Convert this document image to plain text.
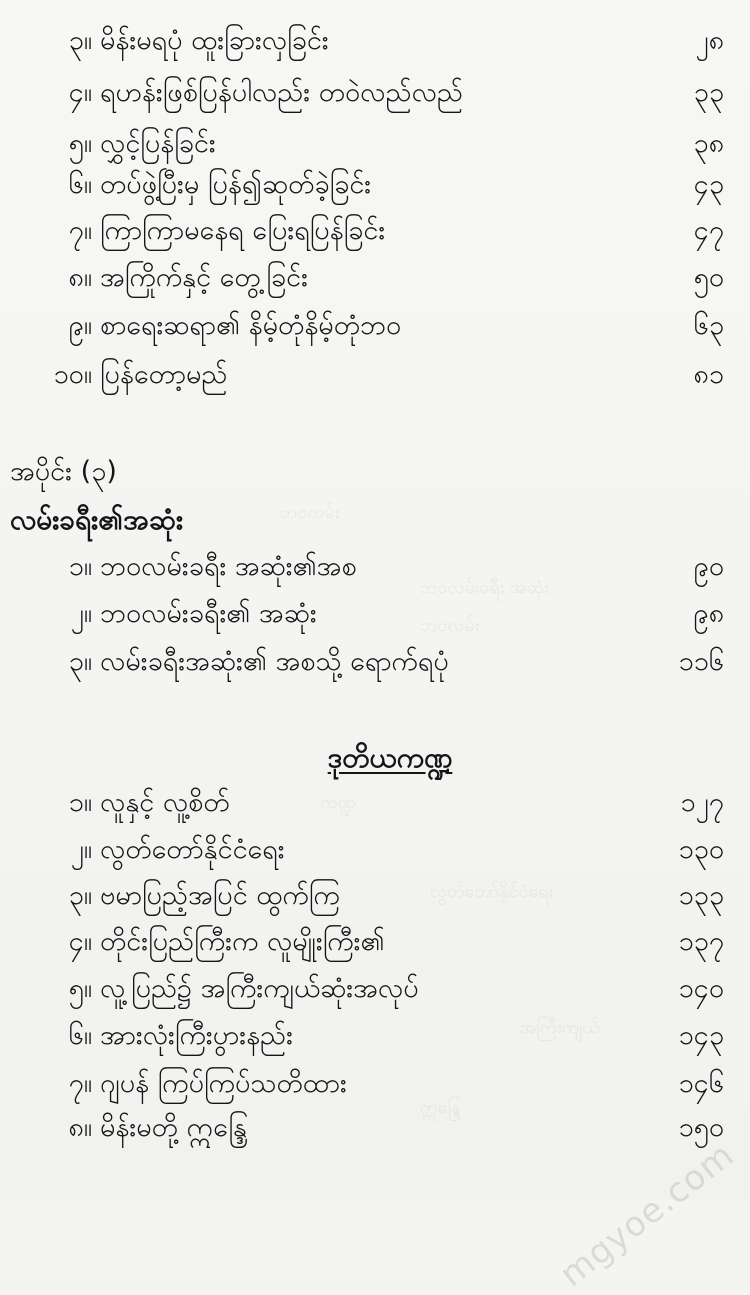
ဘဝလမ်း
ဘဝလမ်းခရီး အဆုံး
ဘဝလမ်း
ကဏ္ဍ
လွတ်တော်နိုင်ငံရေး
အကြီးကျယ်
ဣန္ဒြေ
၃။ မိန်းမရပုံ ထူးခြားလှခြင်း	၂၈
၄။ ရဟန်းဖြစ်ပြန်ပါလည်း တဝဲလည်လည်	၃၃
၅။ လွှင့်ပြန်ခြင်း	၃၈
၆။ တပ်ဖွဲ့ပြီးမှ ပြန်၍ဆုတ်ခဲ့ခြင်း	၄၃
၇။ ကြာကြာမနေရ ပြေးရပြန်ခြင်း	၄၇
၈။ အကြိုက်နှင့် တွေ့ခြင်း	၅၀
၉။ စာရေးဆရာ၏ နိမ့်တုံနိမ့်တုံဘဝ	၆၃
၁၀။ ပြန်တော့မည်	၈၁
အပိုင်း (၃)
လမ်းခရီး၏အဆုံး
၁။ ဘဝလမ်းခရီး အဆုံး၏အစ	၉၀
၂။ ဘဝလမ်းခရီး၏ အဆုံး	၉၈
၃။ လမ်းခရီးအဆုံး၏ အစသို့ ရောက်ရပုံ	၁၁၆
ဒုတိယကဏ္ဍ
၁။ လူနှင့် လူ့စိတ်	၁၂၇
၂။ လွတ်တော်နိုင်ငံရေး	၁၃၀
၃။ ဗမာပြည့်အပြင် ထွက်ကြ	၁၃၃
၄။ တိုင်းပြည်ကြီးက လူမျိုးကြီး၏	၁၃၇
၅။ လူ့ပြည်၌ အကြီးကျယ်ဆုံးအလုပ်	၁၄၀
၆။ အားလုံးကြီးပွားနည်း	၁၄၃
၇။ ဂျပန် ကြပ်ကြပ်သတိထား	၁၄၆
၈။ မိန်းမတို့ ဣန္ဒြေ	၁၅၀
mgyoe.com
